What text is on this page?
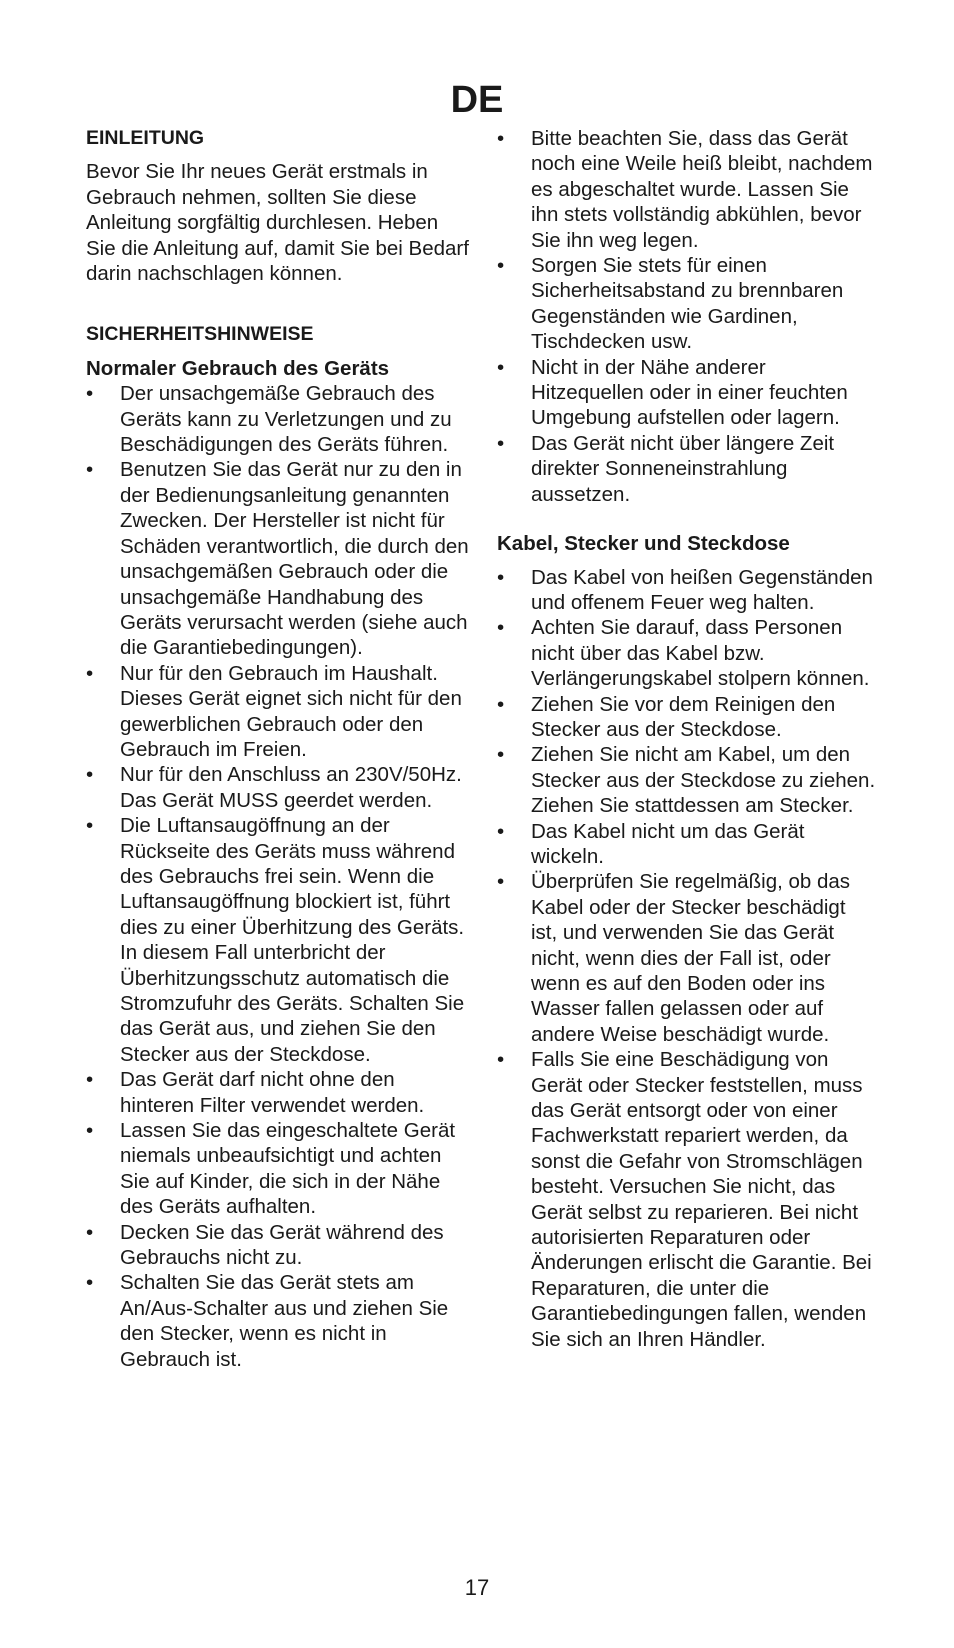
DE

EINLEITUNG

Bevor Sie Ihr neues Gerät erstmals in Gebrauch nehmen, sollten Sie diese Anleitung sorgfältig durchlesen. Heben Sie die Anleitung auf, damit Sie bei Bedarf darin nachschlagen können.

SICHERHEITSHINWEISE

Normaler Gebrauch des Geräts

• Der unsachgemäße Gebrauch des Geräts kann zu Verletzungen und zu Beschädigungen des Geräts führen.
• Benutzen Sie das Gerät nur zu den in der Bedienungsanleitung genannten Zwecken. Der Hersteller ist nicht für Schäden verantwortlich, die durch den unsachgemäßen Gebrauch oder die unsachgemäße Handhabung des Geräts verursacht werden (siehe auch die Garantiebedingungen).
• Nur für den Gebrauch im Haushalt. Dieses Gerät eignet sich nicht für den gewerblichen Gebrauch oder den Gebrauch im Freien.
• Nur für den Anschluss an 230V/50Hz. Das Gerät MUSS geerdet werden.
• Die Luftansaugöffnung an der Rückseite des Geräts muss während des Gebrauchs frei sein. Wenn die Luftansaugöffnung blockiert ist, führt dies zu einer Überhitzung des Geräts. In diesem Fall unterbricht der Überhitzungsschutz automatisch die Stromzufuhr des Geräts. Schalten Sie das Gerät aus, und ziehen Sie den Stecker aus der Steckdose.
• Das Gerät darf nicht ohne den hinteren Filter verwendet werden.
• Lassen Sie das eingeschaltete Gerät niemals unbeaufsichtigt und achten Sie auf Kinder, die sich in der Nähe des Geräts aufhalten.
• Decken Sie das Gerät während des Gebrauchs nicht zu.
• Schalten Sie das Gerät stets am An/Aus-Schalter aus und ziehen Sie den Stecker, wenn es nicht in Gebrauch ist.
• Bitte beachten Sie, dass das Gerät noch eine Weile heiß bleibt, nachdem es abgeschaltet wurde. Lassen Sie ihn stets vollständig abkühlen, bevor Sie ihn weg legen.
• Sorgen Sie stets für einen Sicherheitsabstand zu brennbaren Gegenständen wie Gardinen, Tischdecken usw.
• Nicht in der Nähe anderer Hitzequellen oder in einer feuchten Umgebung aufstellen oder lagern.
• Das Gerät nicht über längere Zeit direkter Sonneneinstrahlung aussetzen.

Kabel, Stecker und Steckdose

• Das Kabel von heißen Gegenständen und offenem Feuer weg halten.
• Achten Sie darauf, dass Personen nicht über das Kabel bzw. Verlängerungskabel stolpern können.
• Ziehen Sie vor dem Reinigen den Stecker aus der Steckdose.
• Ziehen Sie nicht am Kabel, um den Stecker aus der Steckdose zu ziehen. Ziehen Sie stattdessen am Stecker.
• Das Kabel nicht um das Gerät wickeln.
• Überprüfen Sie regelmäßig, ob das Kabel oder der Stecker beschädigt ist, und verwenden Sie das Gerät nicht, wenn dies der Fall ist, oder wenn es auf den Boden oder ins Wasser fallen gelassen oder auf andere Weise beschädigt wurde.
• Falls Sie eine Beschädigung von Gerät oder Stecker feststellen, muss das Gerät entsorgt oder von einer Fachwerkstatt repariert werden, da sonst die Gefahr von Stromschlägen besteht. Versuchen Sie nicht, das Gerät selbst zu reparieren. Bei nicht autorisierten Reparaturen oder Änderungen erlischt die Garantie. Bei Reparaturen, die unter die Garantiebedingungen fallen, wenden Sie sich an Ihren Händler.
17
